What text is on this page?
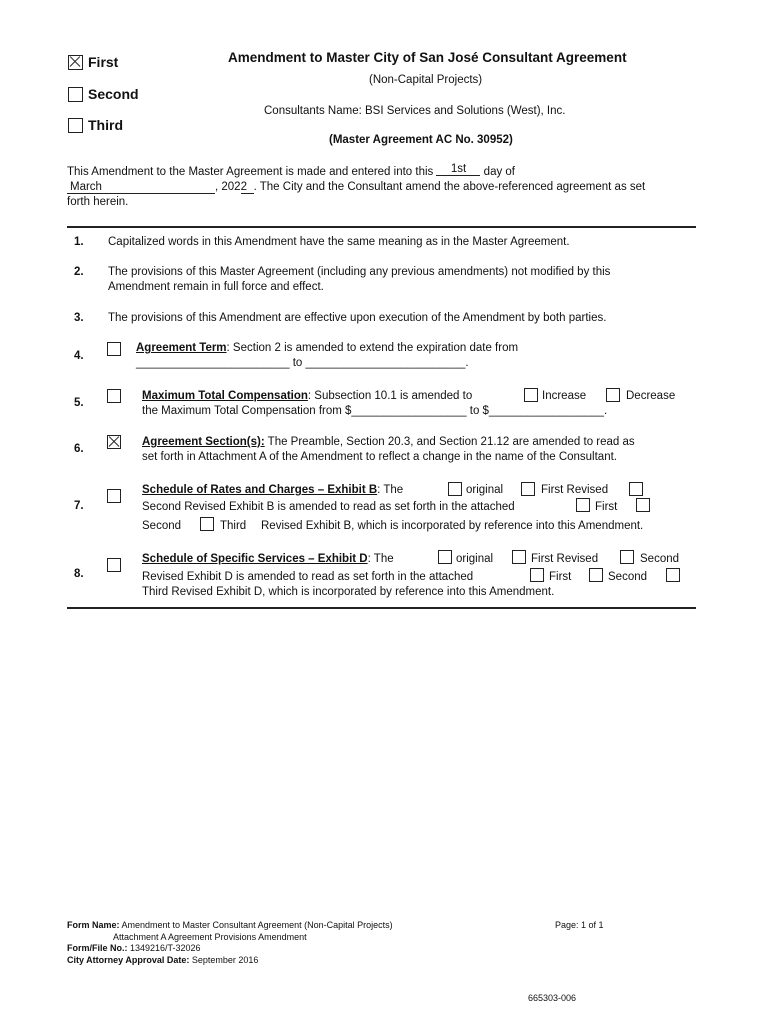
First
Second
Third
Amendment to Master City of San José Consultant Agreement
(Non-Capital Projects)
Consultants Name: BSI Services and Solutions (West), Inc.
(Master Agreement AC No. 30952)
This Amendment to the Master Agreement is made and entered into this 1st day of
March	, 2022 . The City and the Consultant amend the above-referenced agreement as set
forth herein.
1. Capitalized words in this Amendment have the same meaning as in the Master Agreement.
2. The provisions of this Master Agreement (including any previous amendments) not modified by this
Amendment remain in full force and effect.
3. The provisions of this Amendment are effective upon execution of the Amendment by both parties.
4.
Agreement Term: Section 2 is amended to extend the expiration date from
________________________ to _________________________.
5.
Maximum Total Compensation: Subsection 10.1 is amended to	Increase	Decrease
the Maximum Total Compensation from $__________________ to $__________________.
6.
Agreement Section(s): The Preamble, Section 20.3, and Section 21.12 are amended to read as
set forth in Attachment A of the Amendment to reflect a change in the name of the Consultant.
7.
Schedule of Rates and Charges – Exhibit B: The	original	First Revised
Second Revised Exhibit B is amended to read as set forth in the attached	First
Second	Third Revised Exhibit B, which is incorporated by reference into this Amendment.
8.
Schedule of Specific Services – Exhibit D: The	original	First Revised	Second
Revised Exhibit D is amended to read as set forth in the attached	First	Second
Third Revised Exhibit D, which is incorporated by reference into this Amendment.
Form Name: Amendment to Master Consultant Agreement (Non-Capital Projects)	Page: 1 of 1
Attachment A Agreement Provisions Amendment
Form/File No.: 1349216/T-32026
City Attorney Approval Date: September 2016
665303-006
